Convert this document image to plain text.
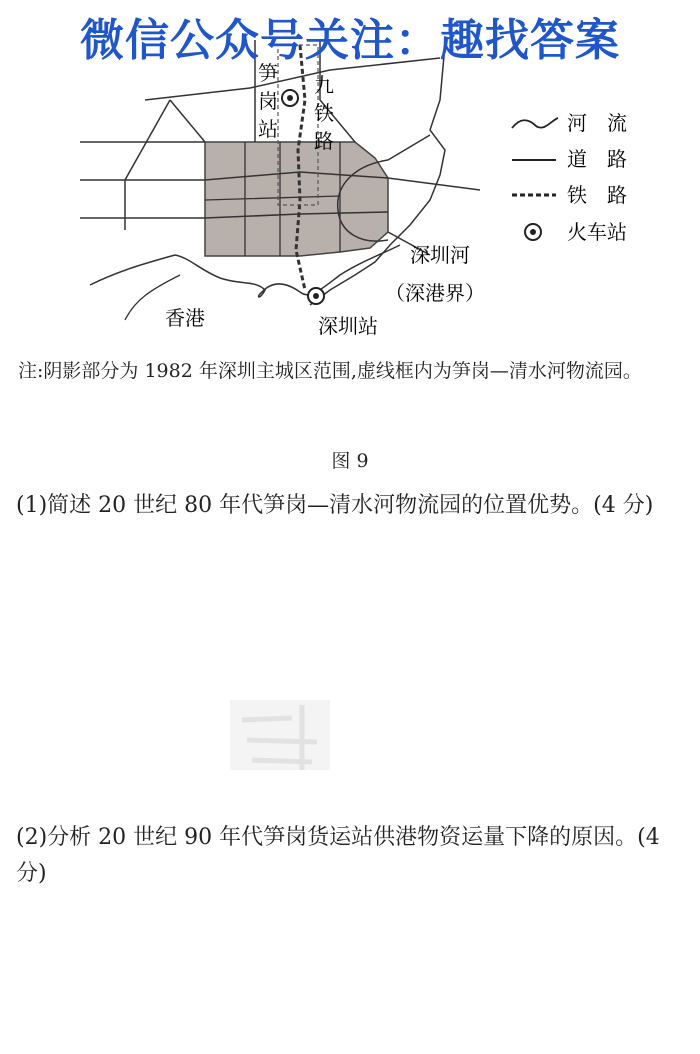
微信公众号关注：趣找答案
笋
岗
站
九
铁
路
深圳河
（深港界）
香港	深圳站
河　流
道　路
铁　路
火车站
注:阴影部分为 1982 年深圳主城区范围,虚线框内为笋岗—清水河物流园。
图 9
(1)简述 20 世纪 80 年代笋岗—清水河物流园的位置优势。(4 分)
(2)分析 20 世纪 90 年代笋岗货运站供港物资运量下降的原因。(4 分)
